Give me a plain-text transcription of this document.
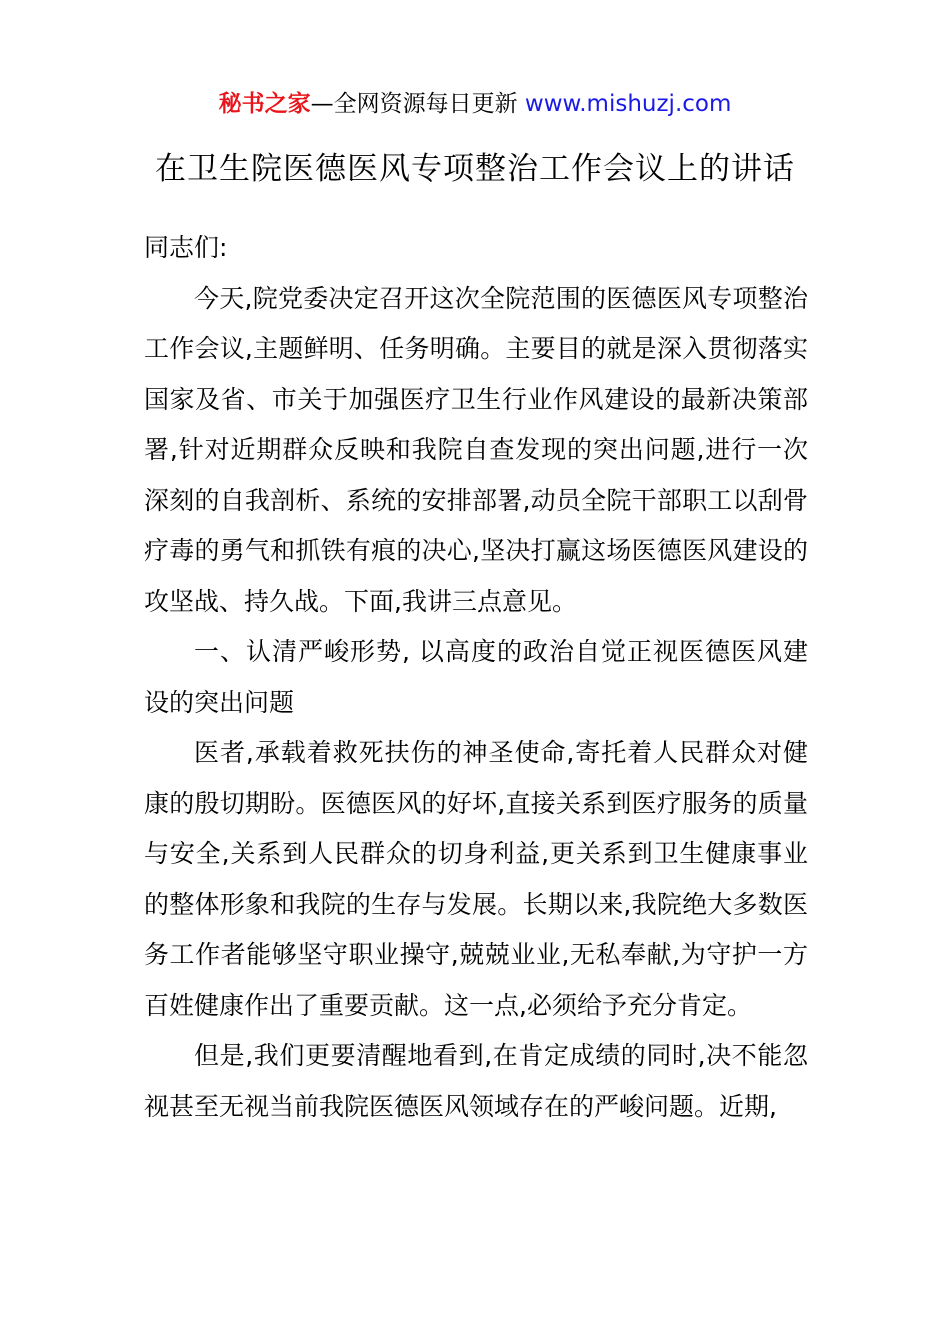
秘书之家—全网资源每日更新 www.mishuzj.com
在卫生院医德医风专项整治工作会议上的讲话

同志们:

今天,院党委决定召开这次全院范围的医德医风专项整治工作会议,主题鲜明、任务明确。主要目的就是深入贯彻落实国家及省、市关于加强医疗卫生行业作风建设的最新决策部署,针对近期群众反映和我院自查发现的突出问题,进行一次深刻的自我剖析、系统的安排部署,动员全院干部职工以刮骨疗毒的勇气和抓铁有痕的决心,坚决打赢这场医德医风建设的攻坚战、持久战。下面,我讲三点意见。

一、认清严峻形势, 以高度的政治自觉正视医德医风建设的突出问题

医者,承载着救死扶伤的神圣使命,寄托着人民群众对健康的殷切期盼。医德医风的好坏,直接关系到医疗服务的质量与安全,关系到人民群众的切身利益,更关系到卫生健康事业的整体形象和我院的生存与发展。长期以来,我院绝大多数医务工作者能够坚守职业操守,兢兢业业,无私奉献,为守护一方百姓健康作出了重要贡献。这一点,必须给予充分肯定。

但是,我们更要清醒地看到,在肯定成绩的同时,决不能忽视甚至无视当前我院医德医风领域存在的严峻问题。近期,
